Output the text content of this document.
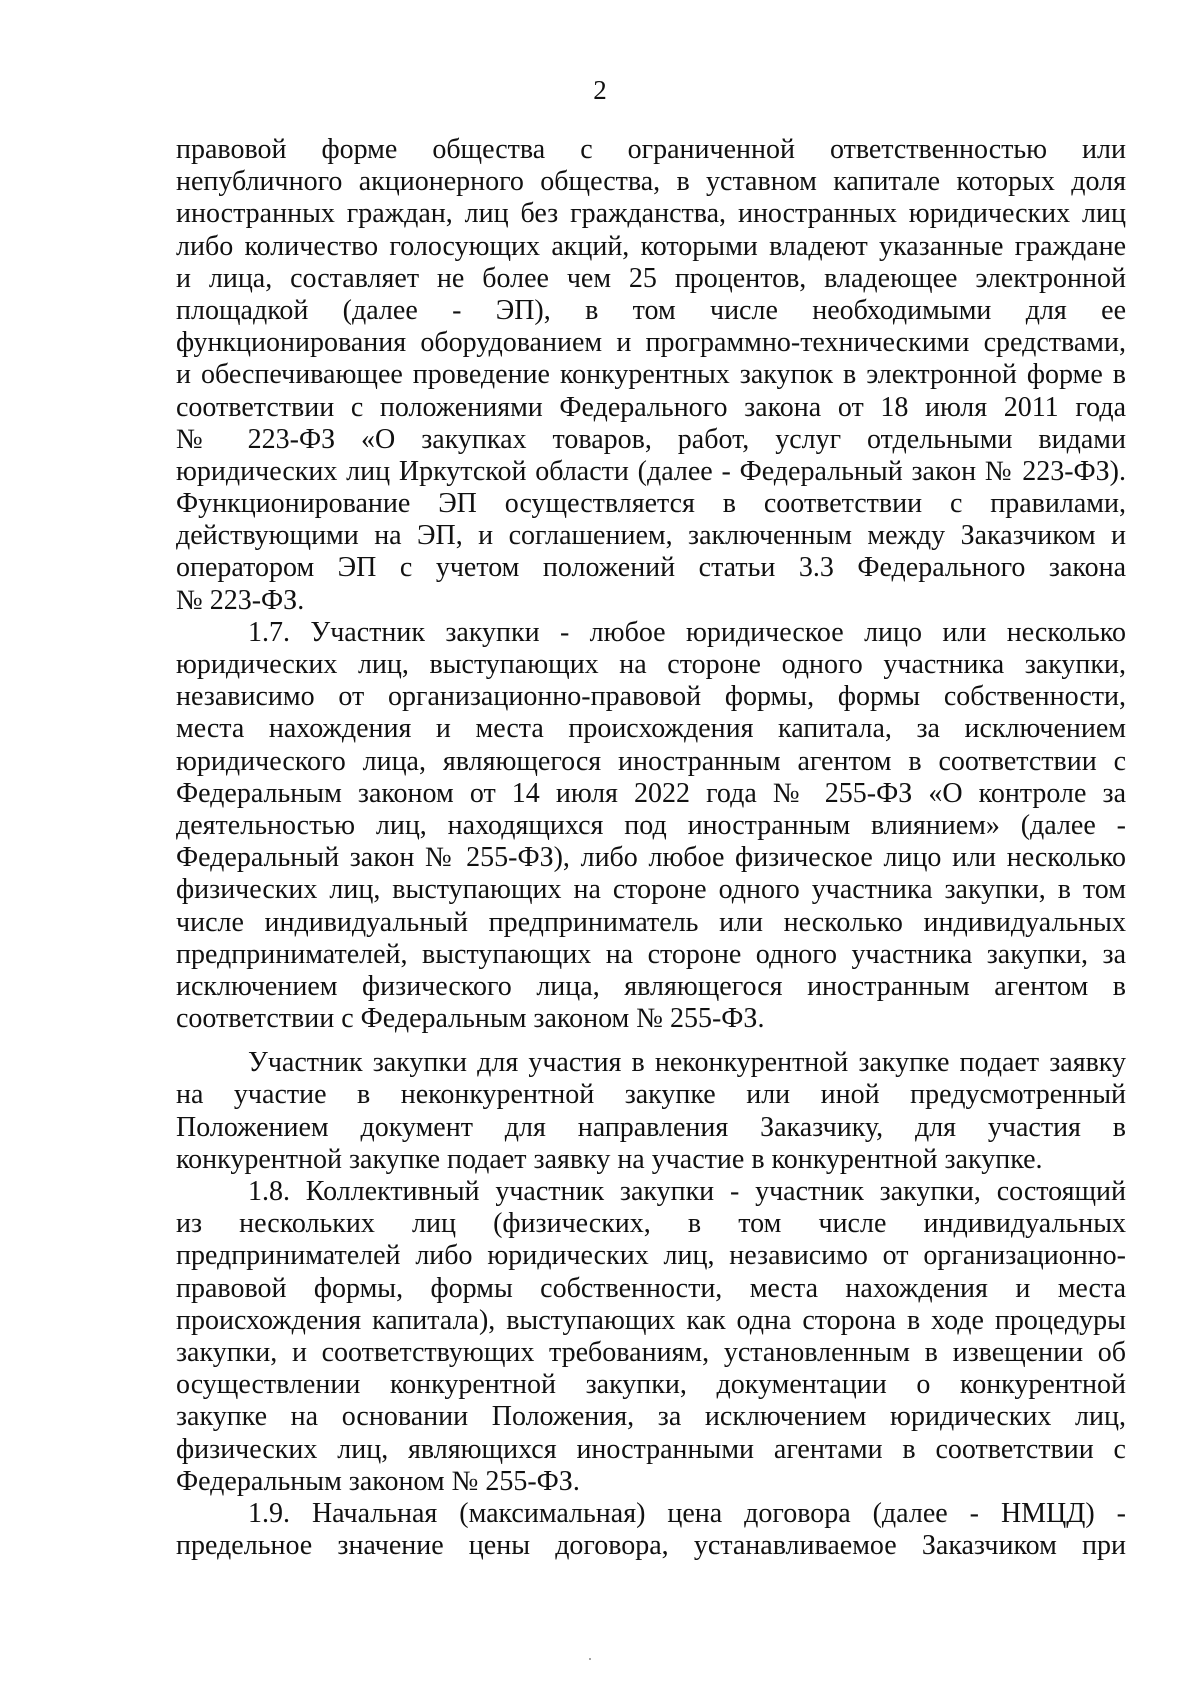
2
правовой форме общества с ограниченной ответственностью или
непубличного акционерного общества, в уставном капитале которых доля
иностранных граждан, лиц без гражданства, иностранных юридических лиц
либо количество голосующих акций, которыми владеют указанные граждане
и лица, составляет не более чем 25 процентов, владеющее электронной
площадкой (далее - ЭП), в том числе необходимыми для ее
функционирования оборудованием и программно-техническими средствами,
и обеспечивающее проведение конкурентных закупок в электронной форме в
соответствии с положениями Федерального закона от 18 июля 2011 года
№ 223-ФЗ «О закупках товаров, работ, услуг отдельными видами
юридических лиц Иркутской области (далее - Федеральный закон № 223-ФЗ).
Функционирование ЭП осуществляется в соответствии с правилами,
действующими на ЭП, и соглашением, заключенным между Заказчиком и
оператором ЭП с учетом положений статьи 3.3 Федерального закона
№ 223-ФЗ.
1.7. Участник закупки - любое юридическое лицо или несколько
юридических лиц, выступающих на стороне одного участника закупки,
независимо от организационно-правовой формы, формы собственности,
места нахождения и места происхождения капитала, за исключением
юридического лица, являющегося иностранным агентом в соответствии с
Федеральным законом от 14 июля 2022 года № 255-ФЗ «О контроле за
деятельностью лиц, находящихся под иностранным влиянием» (далее -
Федеральный закон № 255-ФЗ), либо любое физическое лицо или несколько
физических лиц, выступающих на стороне одного участника закупки, в том
числе индивидуальный предприниматель или несколько индивидуальных
предпринимателей, выступающих на стороне одного участника закупки, за
исключением физического лица, являющегося иностранным агентом в
соответствии с Федеральным законом № 255-ФЗ.
Участник закупки для участия в неконкурентной закупке подает заявку
на участие в неконкурентной закупке или иной предусмотренный
Положением документ для направления Заказчику, для участия в
конкурентной закупке подает заявку на участие в конкурентной закупке.
1.8. Коллективный участник закупки - участник закупки, состоящий
из нескольких лиц (физических, в том числе индивидуальных
предпринимателей либо юридических лиц, независимо от организационно-
правовой формы, формы собственности, места нахождения и места
происхождения капитала), выступающих как одна сторона в ходе процедуры
закупки, и соответствующих требованиям, установленным в извещении об
осуществлении конкурентной закупки, документации о конкурентной
закупке на основании Положения, за исключением юридических лиц,
физических лиц, являющихся иностранными агентами в соответствии с
Федеральным законом № 255-ФЗ.
1.9. Начальная (максимальная) цена договора (далее - НМЦД) -
предельное значение цены договора, устанавливаемое Заказчиком при
